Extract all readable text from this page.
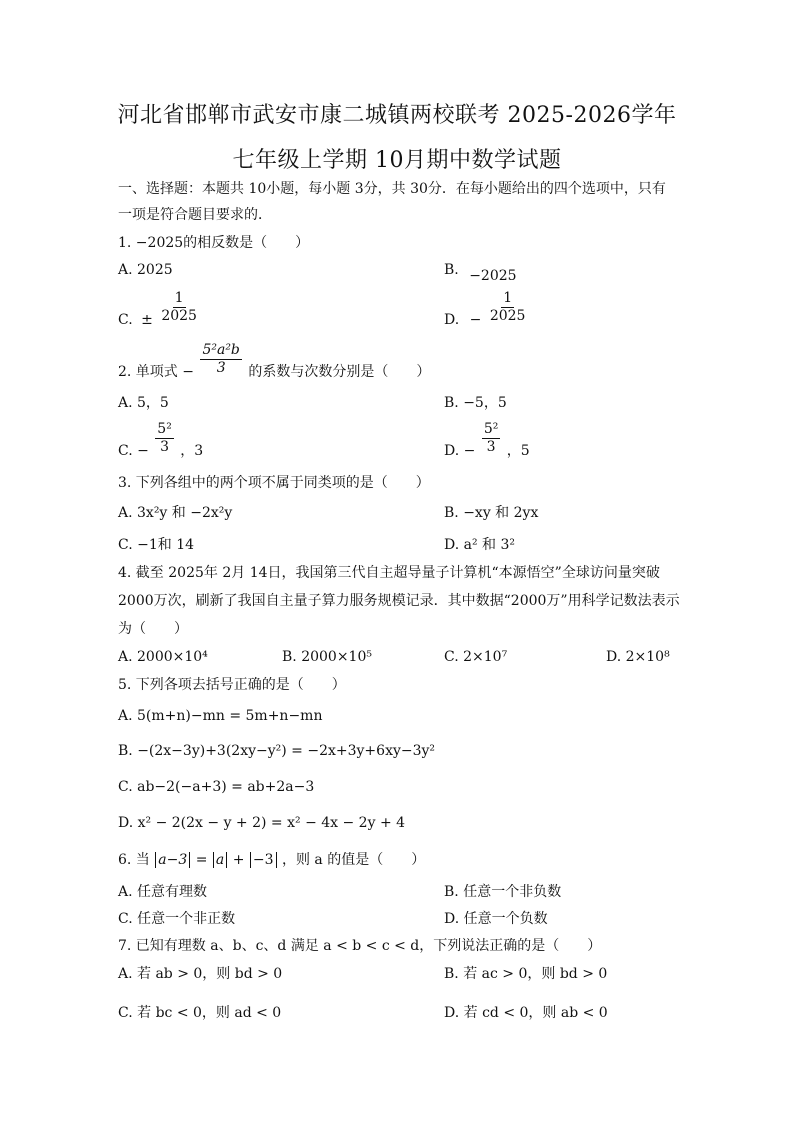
河北省邯郸市武安市康二城镇两校联考 2025-2026学年
七年级上学期 10月期中数学试题
一、选择题：本题共 10小题，每小题 3分，共 30分．在每小题给出的四个选项中，只有
一项是符合题目要求的．
1. −2025的相反数是（　　）
A. 2025	B. −2025
C. ± $\frac{1}{2025}$	D. − $\frac{1}{2025}$
2. 单项式 − $\frac{\text{5²a²b}}{3}$ 的系数与次数分别是（　　）
A. 5，5	B. −5，5
C. − $\frac{\text{5²}}{3}$ ，3	D. − $\frac{\text{5²}}{3}$ ，5
3. 下列各组中的两个项不属于同类项的是（　　）
A. 3x²y 和 −2x²y	B. −xy 和 2yx
C. −1和 14	D. a² 和 3²
4. 截至 2025年 2月 14日，我国第三代自主超导量子计算机“本源悟空”全球访问量突破
2000万次，刷新了我国自主量子算力服务规模记录．其中数据“2000万”用科学记数法表示
为（　　）
A. 2000×10⁴	B. 2000×10⁵	C. 2×10⁷	D. 2×10⁸
5. 下列各项去括号正确的是（　　）
A. 5(m+n)−mn = 5m+n−mn
B. −(2x−3y)+3(2xy−y²) = −2x+3y+6xy−3y²
C. ab−2(−a+3) = ab+2a−3
D. x² − 2(2x − y + 2) = x² − 4x − 2y + 4
6. 当 a−3 = a + −3 ，则 a 的值是（　　）
A. 任意有理数	B. 任意一个非负数
C. 任意一个非正数	D. 任意一个负数
7. 已知有理数 a、b、c、d 满足 a < b < c < d，下列说法正确的是（　　）
A. 若 ab > 0，则 bd > 0	B. 若 ac > 0，则 bd > 0
C. 若 bc < 0，则 ad < 0	D. 若 cd < 0，则 ab < 0
